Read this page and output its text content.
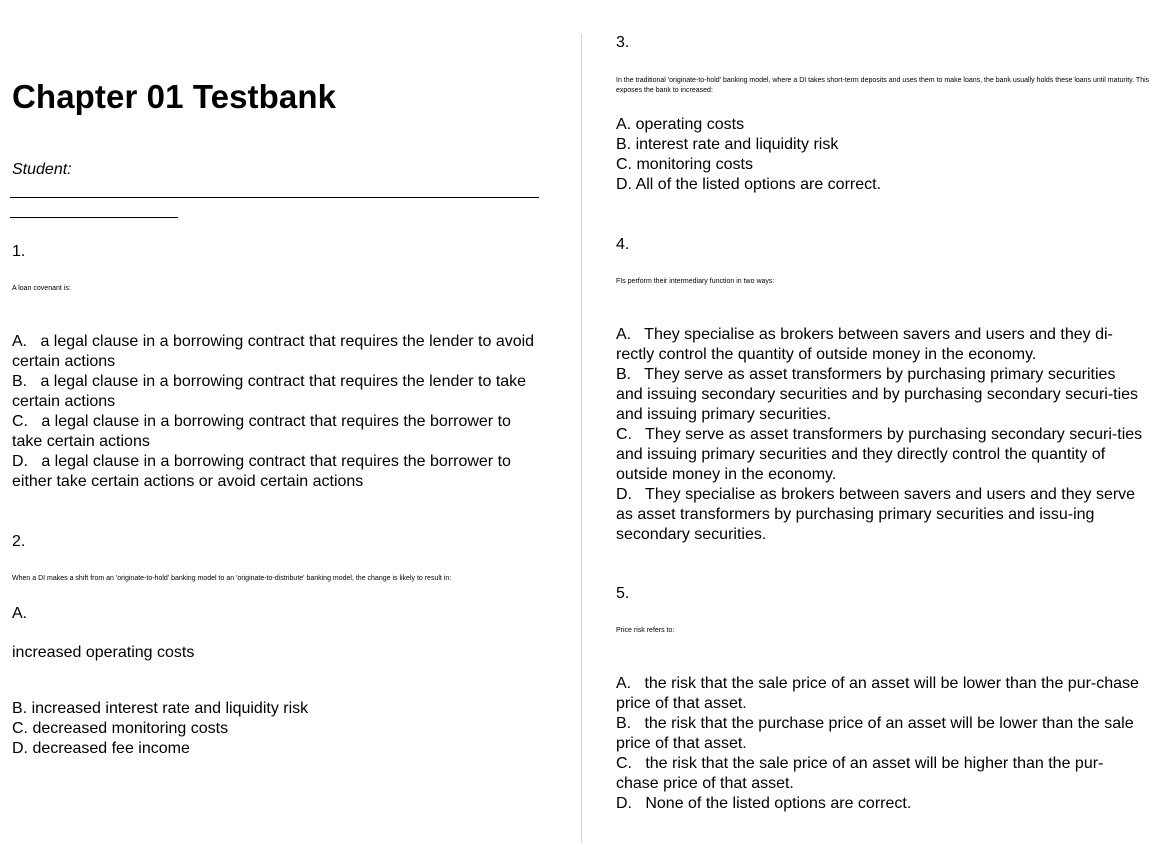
Chapter 01 Testbank
Student:
1.
A loan covenant is:
A.   a legal clause in a borrowing contract that requires the lender to avoid certain actions
B.   a legal clause in a borrowing contract that requires the lender to take certain actions
C.   a legal clause in a borrowing contract that requires the borrower to take certain actions
D.   a legal clause in a borrowing contract that requires the borrower to either take certain actions or avoid certain actions
2.
When a DI makes a shift from an 'originate-to-hold' banking model to an 'originate-to-distribute' banking model, the change is likely to result in:
A.
increased operating costs
B. increased interest rate and liquidity risk
C. decreased monitoring costs
D. decreased fee income
3.
In the traditional 'originate-to-hold' banking model, where a DI takes short-term deposits and uses them to make loans, the bank usually holds these loans until maturity. This exposes the bank to increased:
A. operating costs
B. interest rate and liquidity risk
C. monitoring costs
D. All of the listed options are correct.
4.
FIs perform their intermediary function in two ways:
A.   They specialise as brokers between savers and users and they di-rectly control the quantity of outside money in the economy.
B.   They serve as asset transformers by purchasing primary securities and issuing secondary securities and by purchasing secondary securi-ties and issuing primary securities.
C.   They serve as asset transformers by purchasing secondary securi-ties and issuing primary securities and they directly control the quantity of outside money in the economy.
D.   They specialise as brokers between savers and users and they serve as asset transformers by purchasing primary securities and issu-ing secondary securities.
5.
Price risk refers to:
A.   the risk that the sale price of an asset will be lower than the pur-chase price of that asset.
B.   the risk that the purchase price of an asset will be lower than the sale price of that asset.
C.   the risk that the sale price of an asset will be higher than the pur-chase price of that asset.
D.   None of the listed options are correct.
